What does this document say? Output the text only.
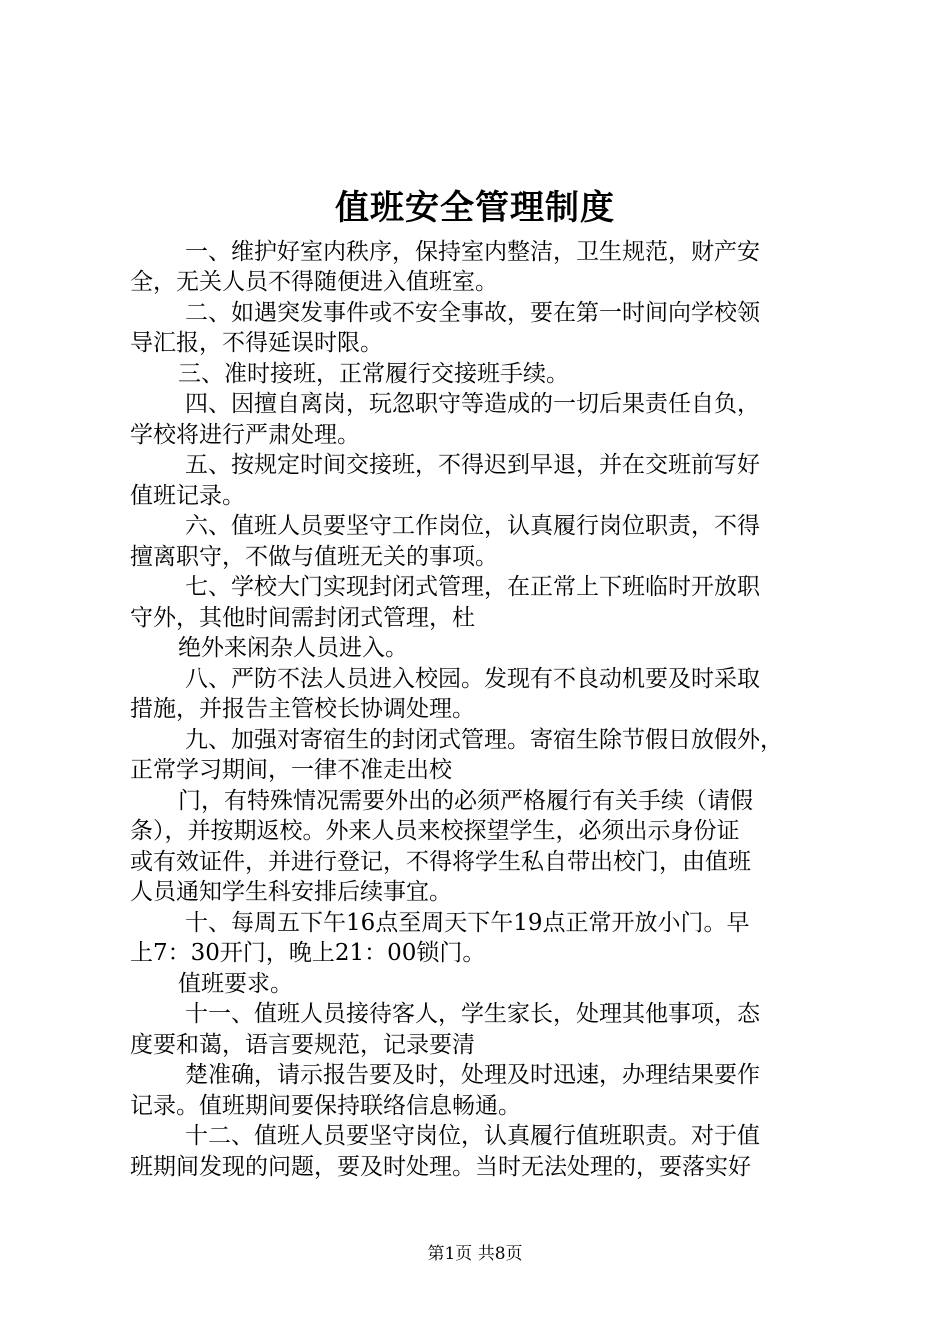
值班安全管理制度
一、维护好室内秩序，保持室内整洁，卫生规范，财产安
全，无关人员不得随便进入值班室。
二、如遇突发事件或不安全事故，要在第一时间向学校领
导汇报，不得延误时限。
三、准时接班，正常履行交接班手续。
四、因擅自离岗，玩忽职守等造成的一切后果责任自负，
学校将进行严肃处理。
五、按规定时间交接班，不得迟到早退，并在交班前写好
值班记录。
六、值班人员要坚守工作岗位，认真履行岗位职责，不得
擅离职守，不做与值班无关的事项。
七、学校大门实现封闭式管理，在正常上下班临时开放职
守外，其他时间需封闭式管理，杜
绝外来闲杂人员进入。
八、严防不法人员进入校园。发现有不良动机要及时采取
措施，并报告主管校长协调处理。
九、加强对寄宿生的封闭式管理。寄宿生除节假日放假外，
正常学习期间，一律不准走出校
门，有特殊情况需要外出的必须严格履行有关手续（请假
条），并按期返校。外来人员来校探望学生，必须出示身份证
或有效证件，并进行登记，不得将学生私自带出校门，由值班
人员通知学生科安排后续事宜。
十、每周五下午16点至周天下午19点正常开放小门。早
上7：30开门，晚上21：00锁门。
值班要求。
十一、值班人员接待客人，学生家长，处理其他事项，态
度要和蔼，语言要规范，记录要清
楚准确，请示报告要及时，处理及时迅速，办理结果要作
记录。值班期间要保持联络信息畅通。
十二、值班人员要坚守岗位，认真履行值班职责。对于值
班期间发现的问题，要及时处理。当时无法处理的，要落实好
第1页 共8页
